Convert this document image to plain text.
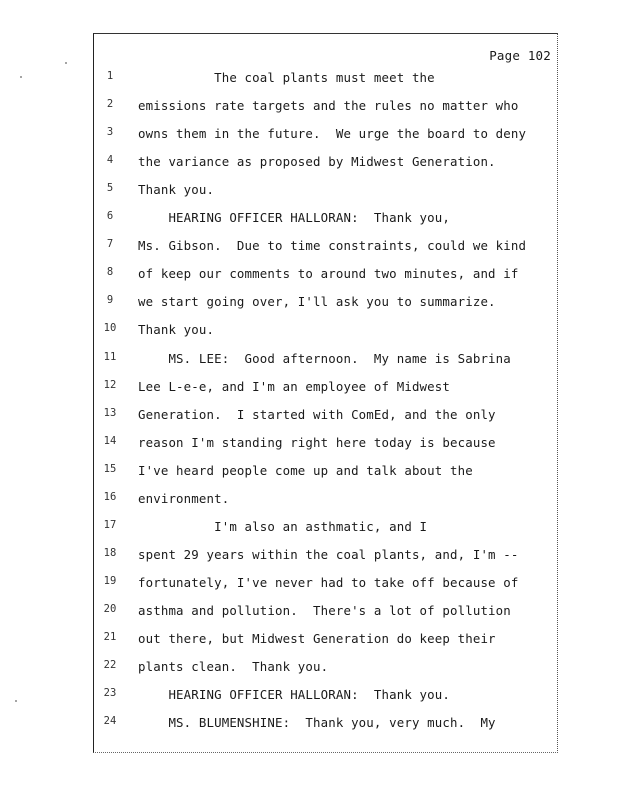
Page 102
1	The coal plants must meet the
2	emissions rate targets and the rules no matter who
3	owns them in the future.  We urge the board to deny
4	the variance as proposed by Midwest Generation.
5	Thank you.
6	HEARING OFFICER HALLORAN:  Thank you,
7	Ms. Gibson.  Due to time constraints, could we kind
8	of keep our comments to around two minutes, and if
9	we start going over, I'll ask you to summarize.
10 Thank you.
11 MS. LEE:  Good afternoon.  My name is Sabrina
12 Lee L-e-e, and I'm an employee of Midwest
13 Generation.  I started with ComEd, and the only
14 reason I'm standing right here today is because
15 I've heard people come up and talk about the
16 environment.
17 I'm also an asthmatic, and I
18 spent 29 years within the coal plants, and, I'm --
19 fortunately, I've never had to take off because of
20 asthma and pollution.  There's a lot of pollution
21 out there, but Midwest Generation do keep their
22 plants clean.  Thank you.
23 HEARING OFFICER HALLORAN:  Thank you.
24 MS. BLUMENSHINE:  Thank you, very much.  My
